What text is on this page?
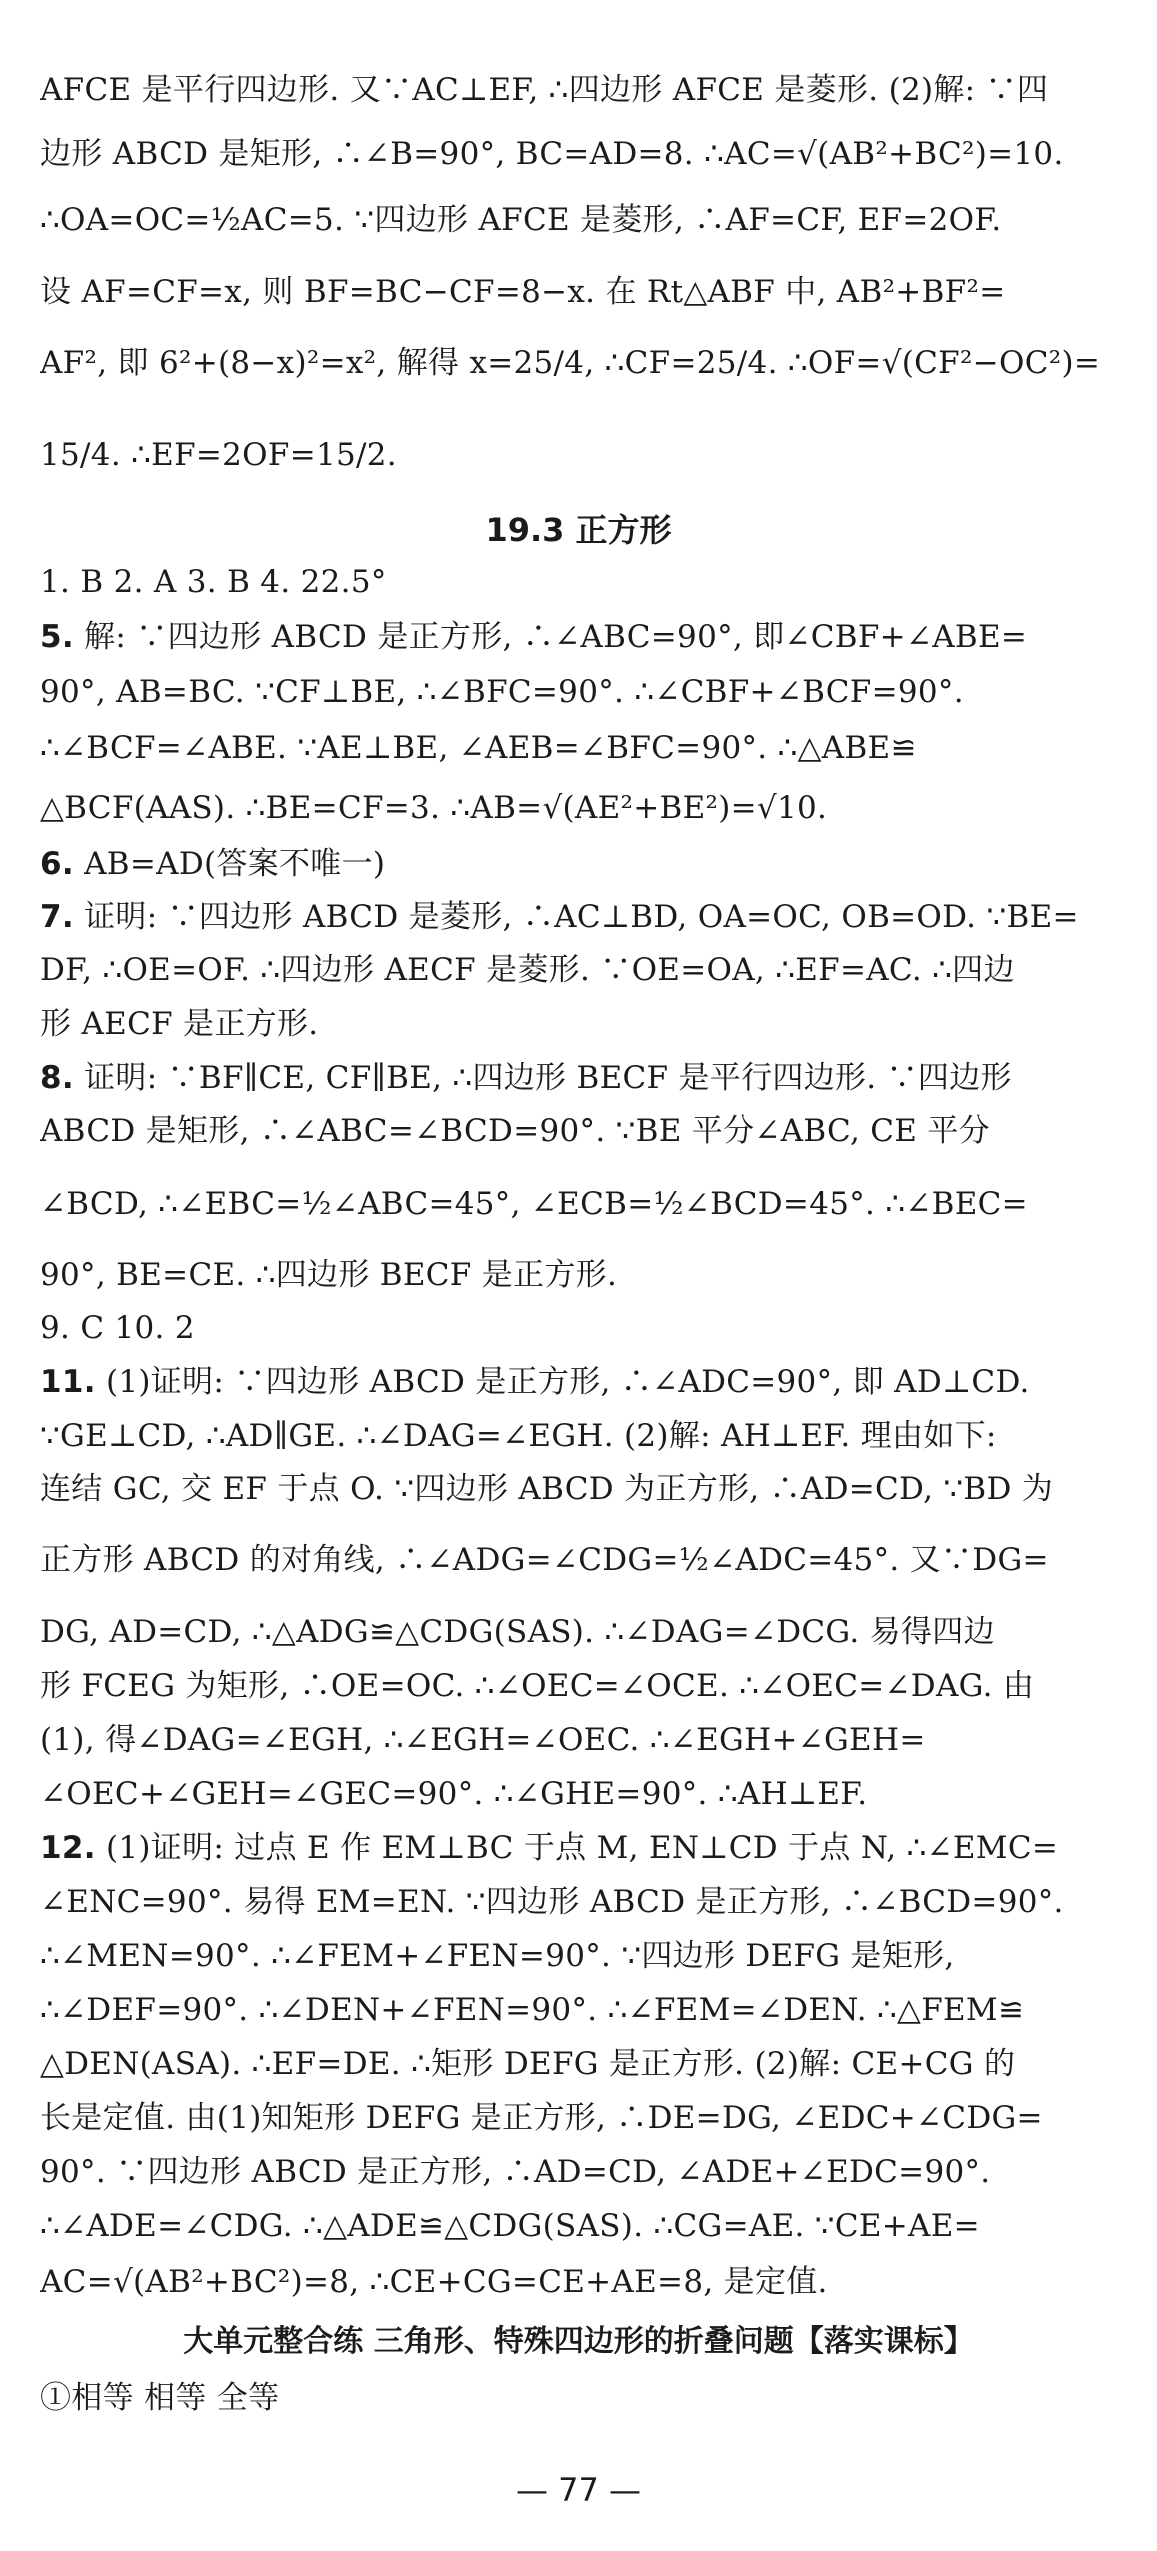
AFCE 是平行四边形. 又∵AC⊥EF, ∴四边形 AFCE 是菱形. (2)解: ∵四
边形 ABCD 是矩形, ∴∠B=90°, BC=AD=8. ∴AC=√(AB²+BC²)=10.
∴OA=OC=½AC=5. ∵四边形 AFCE 是菱形, ∴AF=CF, EF=2OF.
设 AF=CF=x, 则 BF=BC−CF=8−x. 在 Rt△ABF 中, AB²+BF²=
AF², 即 6²+(8−x)²=x², 解得 x=25/4, ∴CF=25/4. ∴OF=√(CF²−OC²)=
15/4. ∴EF=2OF=15/2.
19.3 正方形
1. B 2. A 3. B 4. 22.5°
5. 解: ∵四边形 ABCD 是正方形, ∴∠ABC=90°, 即∠CBF+∠ABE=
90°, AB=BC. ∵CF⊥BE, ∴∠BFC=90°. ∴∠CBF+∠BCF=90°.
∴∠BCF=∠ABE. ∵AE⊥BE, ∠AEB=∠BFC=90°. ∴△ABE≌
△BCF(AAS). ∴BE=CF=3. ∴AB=√(AE²+BE²)=√10.
6. AB=AD(答案不唯一)
7. 证明: ∵四边形 ABCD 是菱形, ∴AC⊥BD, OA=OC, OB=OD. ∵BE=
DF, ∴OE=OF. ∴四边形 AECF 是菱形. ∵OE=OA, ∴EF=AC. ∴四边
形 AECF 是正方形.
8. 证明: ∵BF∥CE, CF∥BE, ∴四边形 BECF 是平行四边形. ∵四边形
ABCD 是矩形, ∴∠ABC=∠BCD=90°. ∵BE 平分∠ABC, CE 平分
∠BCD, ∴∠EBC=½∠ABC=45°, ∠ECB=½∠BCD=45°. ∴∠BEC=
90°, BE=CE. ∴四边形 BECF 是正方形.
9. C 10. 2
11. (1)证明: ∵四边形 ABCD 是正方形, ∴∠ADC=90°, 即 AD⊥CD.
∵GE⊥CD, ∴AD∥GE. ∴∠DAG=∠EGH. (2)解: AH⊥EF. 理由如下:
连结 GC, 交 EF 于点 O. ∵四边形 ABCD 为正方形, ∴AD=CD, ∵BD 为
正方形 ABCD 的对角线, ∴∠ADG=∠CDG=½∠ADC=45°. 又∵DG=
DG, AD=CD, ∴△ADG≌△CDG(SAS). ∴∠DAG=∠DCG. 易得四边
形 FCEG 为矩形, ∴OE=OC. ∴∠OEC=∠OCE. ∴∠OEC=∠DAG. 由
(1), 得∠DAG=∠EGH, ∴∠EGH=∠OEC. ∴∠EGH+∠GEH=
∠OEC+∠GEH=∠GEC=90°. ∴∠GHE=90°. ∴AH⊥EF.
12. (1)证明: 过点 E 作 EM⊥BC 于点 M, EN⊥CD 于点 N, ∴∠EMC=
∠ENC=90°. 易得 EM=EN. ∵四边形 ABCD 是正方形, ∴∠BCD=90°.
∴∠MEN=90°. ∴∠FEM+∠FEN=90°. ∵四边形 DEFG 是矩形,
∴∠DEF=90°. ∴∠DEN+∠FEN=90°. ∴∠FEM=∠DEN. ∴△FEM≌
△DEN(ASA). ∴EF=DE. ∴矩形 DEFG 是正方形. (2)解: CE+CG 的
长是定值. 由(1)知矩形 DEFG 是正方形, ∴DE=DG, ∠EDC+∠CDG=
90°. ∵四边形 ABCD 是正方形, ∴AD=CD, ∠ADE+∠EDC=90°.
∴∠ADE=∠CDG. ∴△ADE≌△CDG(SAS). ∴CG=AE. ∵CE+AE=
AC=√(AB²+BC²)=8, ∴CE+CG=CE+AE=8, 是定值.
大单元整合练 三角形、特殊四边形的折叠问题【落实课标】
①相等 相等 全等
— 77 —
